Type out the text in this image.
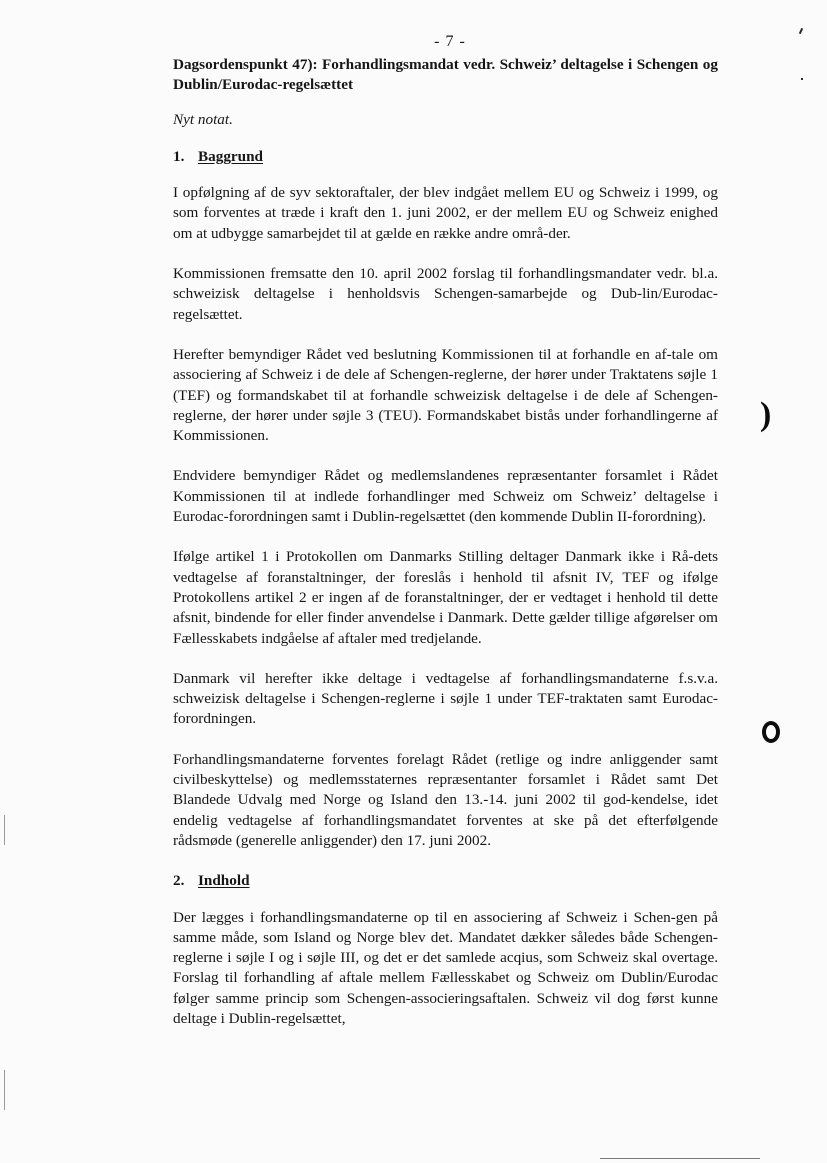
- 7 -

Dagsordenspunkt 47): Forhandlingsmandat vedr. Schweiz’ deltagelse i Schengen og Dublin/Eurodac-regelsættet

Nyt notat.

1. Baggrund

I opfølgning af de syv sektoraftaler, der blev indgået mellem EU og Schweiz i 1999, og som forventes at træde i kraft den 1. juni 2002, er der mellem EU og Schweiz enighed om at udbygge samarbejdet til at gælde en række andre områ-der.

Kommissionen fremsatte den 10. april 2002 forslag til forhandlingsmandater vedr. bl.a. schweizisk deltagelse i henholdsvis Schengen-samarbejde og Dub-lin/Eurodac-regelsættet.

Herefter bemyndiger Rådet ved beslutning Kommissionen til at forhandle en af-tale om associering af Schweiz i de dele af Schengen-reglerne, der hører under Traktatens søjle 1 (TEF) og formandskabet til at forhandle schweizisk deltagelse i de dele af Schengen-reglerne, der hører under søjle 3 (TEU). Formandskabet bistås under forhandlingerne af Kommissionen.

Endvidere bemyndiger Rådet og medlemslandenes repræsentanter forsamlet i Rådet Kommissionen til at indlede forhandlinger med Schweiz om Schweiz’ deltagelse i Eurodac-forordningen samt i Dublin-regelsættet (den kommende Dublin II-forordning).

Ifølge artikel 1 i Protokollen om Danmarks Stilling deltager Danmark ikke i Rå-dets vedtagelse af foranstaltninger, der foreslås i henhold til afsnit IV, TEF og ifølge Protokollens artikel 2 er ingen af de foranstaltninger, der er vedtaget i henhold til dette afsnit, bindende for eller finder anvendelse i Danmark. Dette gælder tillige afgørelser om Fællesskabets indgåelse af aftaler med tredjelande.

Danmark vil herefter ikke deltage i vedtagelse af forhandlingsmandaterne f.s.v.a. schweizisk deltagelse i Schengen-reglerne i søjle 1 under TEF-traktaten samt Eurodac-forordningen.

Forhandlingsmandaterne forventes forelagt Rådet (retlige og indre anliggender samt civilbeskyttelse) og medlemsstaternes repræsentanter forsamlet i Rådet samt Det Blandede Udvalg med Norge og Island den 13.-14. juni 2002 til god-kendelse, idet endelig vedtagelse af forhandlingsmandatet forventes at ske på det efterfølgende rådsmøde (generelle anliggender) den 17. juni 2002.

2. Indhold

Der lægges i forhandlingsmandaterne op til en associering af Schweiz i Schen-gen på samme måde, som Island og Norge blev det. Mandatet dækker således både Schengen-reglerne i søjle I og i søjle III, og det er det samlede acqius, som Schweiz skal overtage. Forslag til forhandling af aftale mellem Fællesskabet og Schweiz om Dublin/Eurodac følger samme princip som Schengen-associeringsaftalen. Schweiz vil dog først kunne deltage i Dublin-regelsættet,

)
